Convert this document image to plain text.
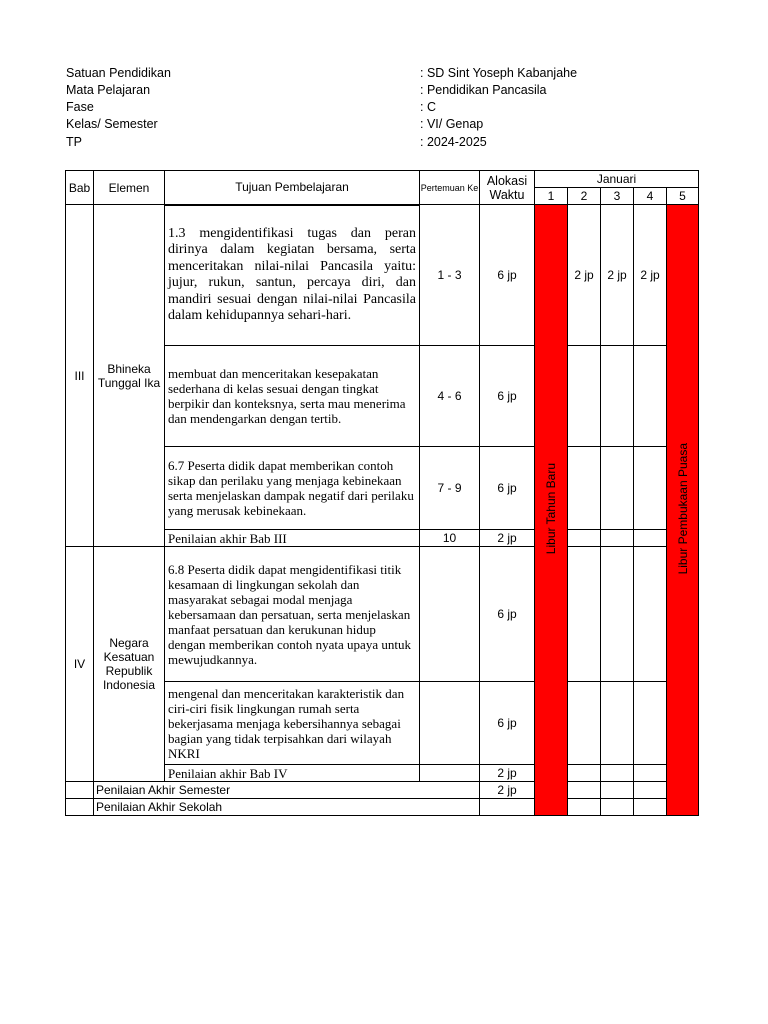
Satuan Pendidikan	: SD Sint Yoseph Kabanjahe
Mata Pelajaran	: Pendidikan Pancasila
Fase	: C
Kelas/ Semester	: VI/ Genap
TP	: 2024-2025
Bab	Elemen	Tujuan Pembelajaran	Pertemuan Ke	Alokasi Waktu	Januari				
					1	2	3	4	5
III	Bhineka Tunggal Ika	1.3 mengidentifikasi tugas dan peran dirinya dalam kegiatan bersama, serta menceritakan nilai-nilai Pancasila yaitu: jujur, rukun, santun, percaya diri, dan mandiri sesuai dengan nilai-nilai Pancasila dalam kehidupannya sehari-hari.	1 - 3	6 jp	Libur Tahun Baru	2 jp	2 jp	2 jp	Libur Pembukaan Puasa
		membuat dan menceritakan kesepakatan sederhana di kelas sesuai dengan tingkat berpikir dan konteksnya, serta mau menerima dan mendengarkan dengan tertib.	4 - 6	6 jp					
		6.7 Peserta didik dapat memberikan contoh sikap dan perilaku yang menjaga kebinekaan serta menjelaskan dampak negatif dari perilaku yang merusak kebinekaan.	7 - 9	6 jp					
		Penilaian akhir Bab III	10	2 jp					
IV	Negara Kesatuan Republik Indonesia	6.8 Peserta didik dapat mengidentifikasi titik kesamaan di lingkungan sekolah dan masyarakat sebagai modal menjaga kebersamaan dan persatuan, serta menjelaskan manfaat persatuan dan kerukunan hidup dengan memberikan contoh nyata upaya untuk mewujudkannya.		6 jp					
		mengenal dan menceritakan karakteristik dan ciri-ciri fisik lingkungan rumah serta bekerjasama menjaga kebersihannya sebagai bagian yang tidak terpisahkan dari wilayah NKRI		6 jp					
		Penilaian akhir Bab IV		2 jp					
	Penilaian Akhir Semester			2 jp					
	Penilaian Akhir Sekolah								
